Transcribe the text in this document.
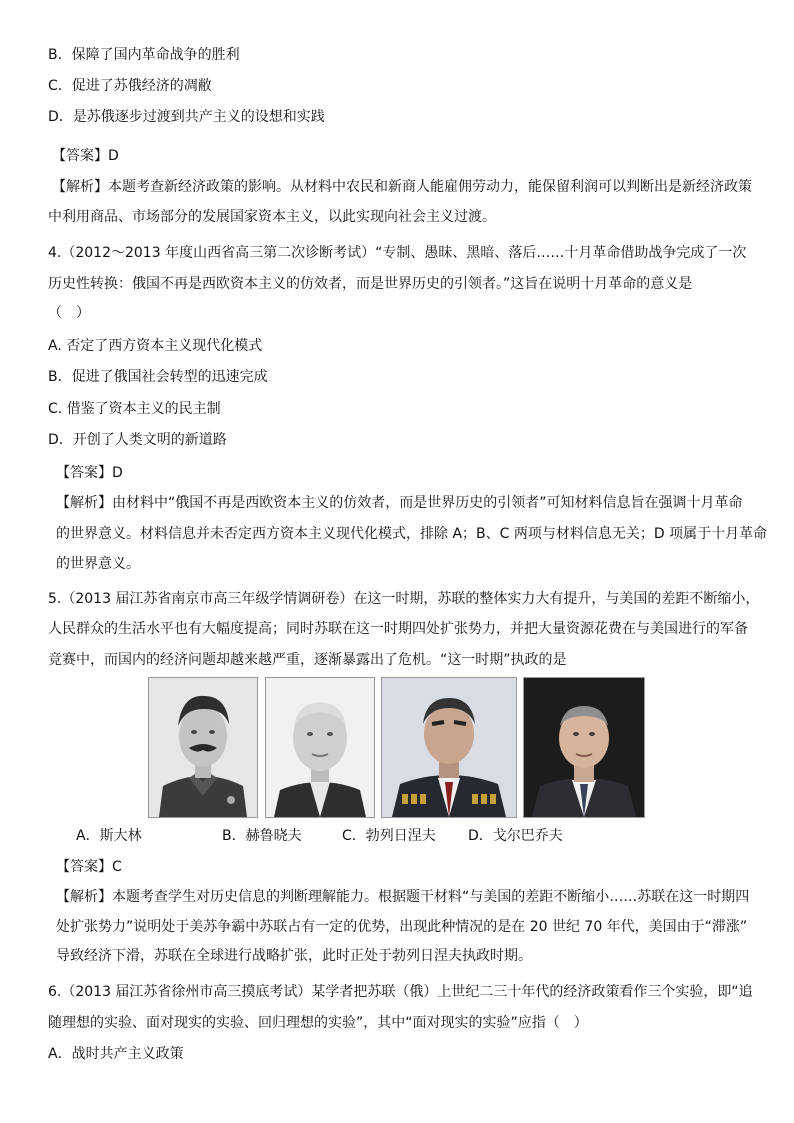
B．保障了国内革命战争的胜利
C．促进了苏俄经济的凋敝
D．是苏俄逐步过渡到共产主义的设想和实践
【答案】D
【解析】本题考查新经济政策的影响。从材料中农民和新商人能雇佣劳动力，能保留利润可以判断出是新经济政策
中利用商品、市场部分的发展国家资本主义，以此实现向社会主义过渡。
4.（2012～2013 年度山西省高三第二次诊断考试）“专制、愚昧、黑暗、落后……十月革命借助战争完成了一次
历史性转换：俄国不再是西欧资本主义的仿效者，而是世界历史的引领者。”这旨在说明十月革命的意义是
（　）
A. 否定了西方资本主义现代化模式
B．促进了俄国社会转型的迅速完成
C. 借鉴了资本主义的民主制
D．开创了人类文明的新道路
【答案】D
【解析】由材料中“俄国不再是西欧资本主义的仿效者，而是世界历史的引领者”可知材料信息旨在强调十月革命
的世界意义。材料信息并未否定西方资本主义现代化模式，排除 A；B、C 两项与材料信息无关；D 项属于十月革命
的世界意义。
5.（2013 届江苏省南京市高三年级学情调研卷）在这一时期，苏联的整体实力大有提升，与美国的差距不断缩小，
人民群众的生活水平也有大幅度提高；同时苏联在这一时期四处扩张势力，并把大量资源花费在与美国进行的军备
竞赛中，而国内的经济问题却越来越严重，逐渐暴露出了危机。“这一时期”执政的是
A．斯大林	B．赫鲁晓夫	C．勃列日涅夫 D．戈尔巴乔夫
【答案】C
【解析】本题考查学生对历史信息的判断理解能力。根据题干材料“与美国的差距不断缩小……苏联在这一时期四
处扩张势力”说明处于美苏争霸中苏联占有一定的优势，出现此种情况的是在 20 世纪 70 年代，美国由于“滞涨”
导致经济下滑，苏联在全球进行战略扩张，此时正处于勃列日涅夫执政时期。
6.（2013 届江苏省徐州市高三摸底考试）某学者把苏联（俄）上世纪二三十年代的经济政策看作三个实验，即“追
随理想的实验、面对现实的实验、回归理想的实验”，其中“面对现实的实验”应指（　）
A．战时共产主义政策
